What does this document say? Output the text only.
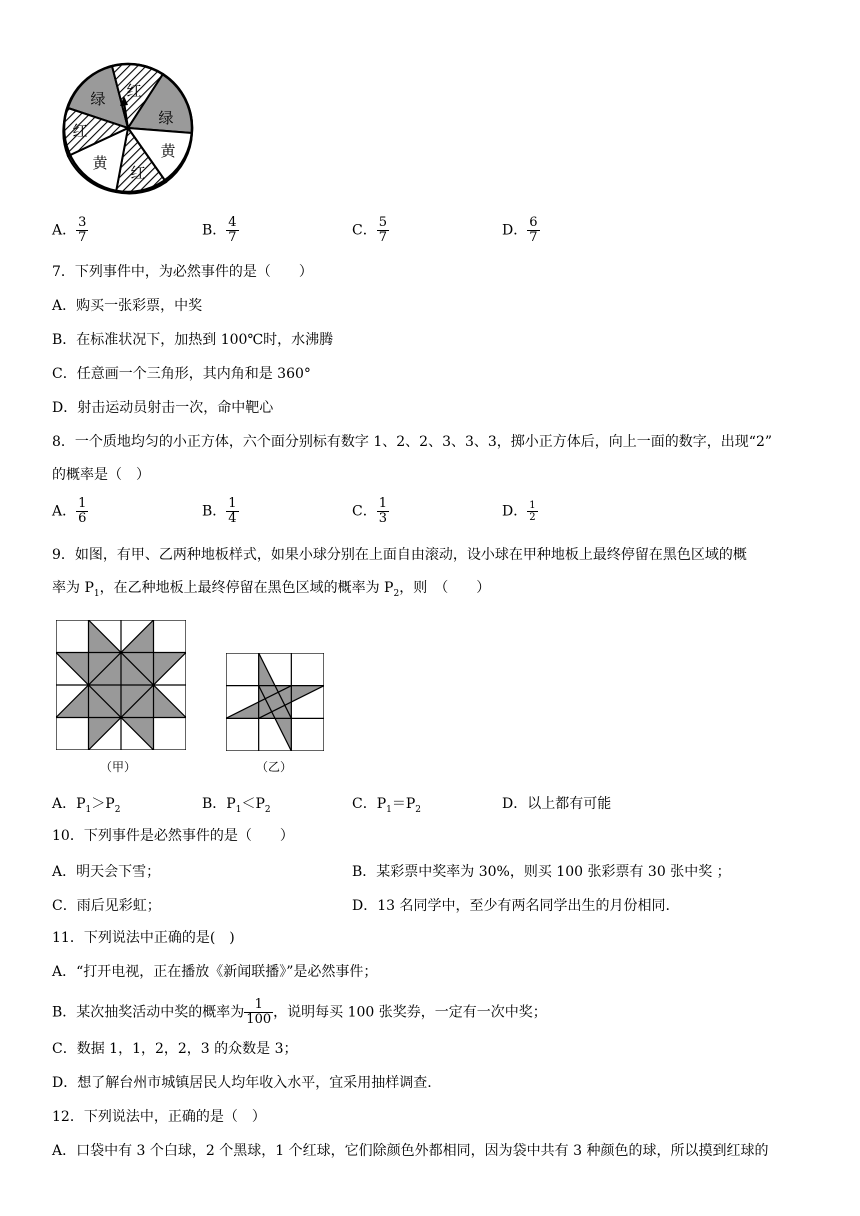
绿 红
绿
黄
红
黄
红
A． $\frac{3}{7}$	B． $\frac{4}{7}$	C． $\frac{5}{7}$	D． $\frac{6}{7}$
7．下列事件中，为必然事件的是（　　）
A．购买一张彩票，中奖
B．在标准状况下，加热到 100℃时，水沸腾
C．任意画一个三角形，其内角和是 360°
D．射击运动员射击一次，命中靶心
8．一个质地均匀的小正方体，六个面分别标有数字 1、2、2、3、3、3，掷小正方体后，向上一面的数字，出现“2”
的概率是（　）
A． $\frac{1}{6}$	B． $\frac{1}{4}$	C． $\frac{1}{3}$	D． $\frac{1}{2}$
9．如图，有甲、乙两种地板样式，如果小球分别在上面自由滚动，设小球在甲种地板上最终停留在黑色区域的概
率为 $P_1$，在乙种地板上最终停留在黑色区域的概率为 $P_2$，则　（　　）
（甲）	（乙）
A．$P_1>P_2$	B．$P_1<P_2$	C．$P_1=P_2$	D．以上都有可能
10．下列事件是必然事件的是（　　）
A．明天会下雪；	B．某彩票中奖率为 30%，则买 100 张彩票有 30 张中奖 ；
C．雨后见彩虹；	D．13 名同学中，至少有两名同学出生的月份相同.
11．下列说法中正确的是(　)
A．“打开电视，正在播放《新闻联播》”是必然事件；
B．某次抽奖活动中奖的概率为 $\frac{1}{100}$ ，说明每买 100 张奖券，一定有一次中奖；
C．数据 1，1，2，2，3 的众数是 3；
D．想了解台州市城镇居民人均年收入水平，宜采用抽样调查.
12．下列说法中，正确的是（　）
A．口袋中有 3 个白球，2 个黑球，1 个红球，它们除颜色外都相同，因为袋中共有 3 种颜色的球，所以摸到红球的
